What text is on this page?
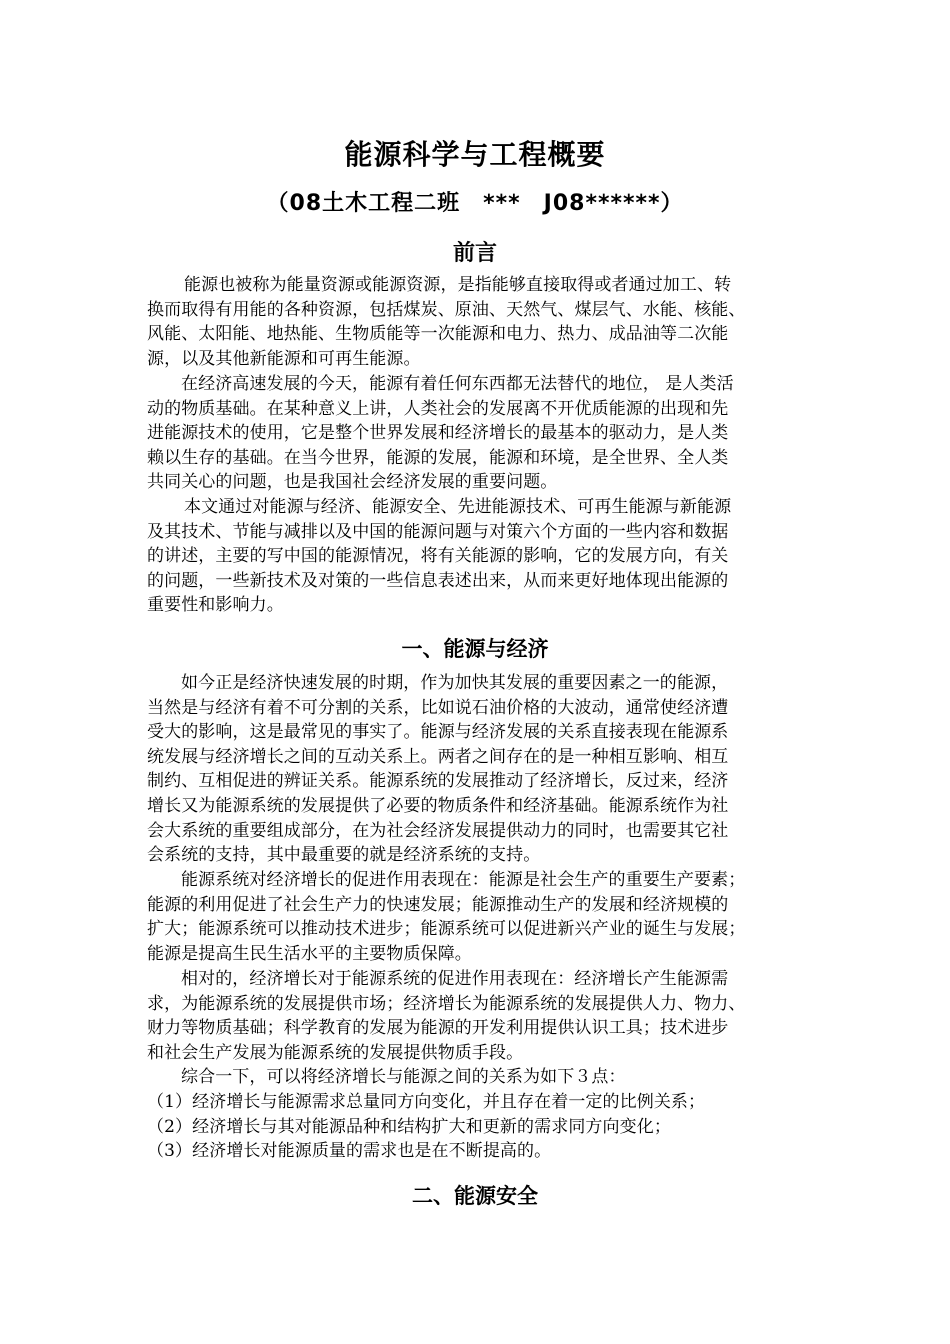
能源科学与工程概要
（08土木工程二班　***　J08******）
前言
能源也被称为能量资源或能源资源，是指能够直接取得或者通过加工、转
换而取得有用能的各种资源，包括煤炭、原油、天然气、煤层气、水能、核能、
风能、太阳能、地热能、生物质能等一次能源和电力、热力、成品油等二次能
源，以及其他新能源和可再生能源。
在经济高速发展的今天，能源有着任何东西都无法替代的地位， 是人类活
动的物质基础。在某种意义上讲，人类社会的发展离不开优质能源的出现和先
进能源技术的使用，它是整个世界发展和经济增长的最基本的驱动力，是人类
赖以生存的基础。在当今世界，能源的发展，能源和环境，是全世界、全人类
共同关心的问题，也是我国社会经济发展的重要问题。
本文通过对能源与经济、能源安全、先进能源技术、可再生能源与新能源
及其技术、节能与减排以及中国的能源问题与对策六个方面的一些内容和数据
的讲述，主要的写中国的能源情况，将有关能源的影响，它的发展方向，有关
的问题，一些新技术及对策的一些信息表述出来，从而来更好地体现出能源的
重要性和影响力。
一、能源与经济
如今正是经济快速发展的时期，作为加快其发展的重要因素之一的能源，
当然是与经济有着不可分割的关系，比如说石油价格的大波动，通常使经济遭
受大的影响，这是最常见的事实了。能源与经济发展的关系直接表现在能源系
统发展与经济增长之间的互动关系上。两者之间存在的是一种相互影响、相互
制约、互相促进的辨证关系。能源系统的发展推动了经济增长，反过来，经济
增长又为能源系统的发展提供了必要的物质条件和经济基础。能源系统作为社
会大系统的重要组成部分，在为社会经济发展提供动力的同时，也需要其它社
会系统的支持，其中最重要的就是经济系统的支持。
能源系统对经济增长的促进作用表现在：能源是社会生产的重要生产要素；
能源的利用促进了社会生产力的快速发展；能源推动生产的发展和经济规模的
扩大；能源系统可以推动技术进步；能源系统可以促进新兴产业的诞生与发展；
能源是提高生民生活水平的主要物质保障。
相对的，经济增长对于能源系统的促进作用表现在：经济增长产生能源需
求，为能源系统的发展提供市场；经济增长为能源系统的发展提供人力、物力、
财力等物质基础；科学教育的发展为能源的开发利用提供认识工具；技术进步
和社会生产发展为能源系统的发展提供物质手段。
综合一下，可以将经济增长与能源之间的关系为如下３点：
（1）经济增长与能源需求总量同方向变化，并且存在着一定的比例关系；
（2）经济增长与其对能源品种和结构扩大和更新的需求同方向变化；
（3）经济增长对能源质量的需求也是在不断提高的。
二、能源安全
